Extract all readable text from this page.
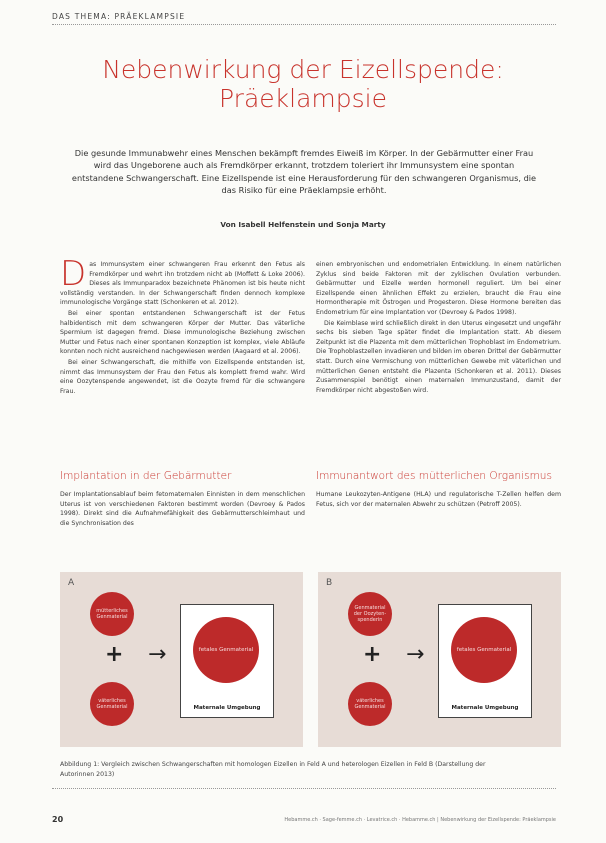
DAS THEMA: PRÄEKLAMPSIE
Nebenwirkung der Eizellspende:
Präeklampsie
Die gesunde Immunabwehr eines Menschen bekämpft fremdes Eiweiß im Körper. In der Gebärmutter einer Frau wird das Ungeborene auch als Fremdkörper erkannt, trotzdem toleriert ihr Immunsystem eine spontan entstandene Schwangerschaft. Eine Eizellspende ist eine Herausforderung für den schwangeren Organismus, die das Risiko für eine Präeklampsie erhöht.
Von Isabell Helfenstein und Sonja Marty
D as Immunsystem einer schwangeren Frau erkennt den Fetus als Fremdkörper und wehrt ihn trotzdem nicht ab (Moffett & Loke 2006). Dieses als Immunparadox bezeichnete Phänomen ist bis heute nicht vollständig verstanden. In der Schwangerschaft finden dennoch komplexe immunologische Vorgänge statt (Schonkeren et al. 2012).

Bei einer spontan entstandenen Schwangerschaft ist der Fetus halbidentisch mit dem schwangeren Körper der Mutter. Das väterliche Spermium ist dagegen fremd. Diese immunologische Beziehung zwischen Mutter und Fetus nach einer spontanen Konzeption ist komplex, viele Abläufe konnten noch nicht ausreichend nachgewiesen werden (Aagaard et al. 2006).

Bei einer Schwangerschaft, die mithilfe von Eizellspende entstanden ist, nimmt das Immunsystem der Frau den Fetus als komplett fremd wahr. Wird eine Oozytenspende angewendet, ist die Oozyte fremd für die schwangere Frau.

einen embryonischen und endometrialen Entwicklung. In einem natürlichen Zyklus sind beide Faktoren mit der zyklischen Ovulation verbunden. Gebärmutter und Eizelle werden hormonell reguliert. Um bei einer Eizellspende einen ähnlichen Effekt zu erzielen, braucht die Frau eine Hormontherapie mit Östrogen und Progesteron. Diese Hormone bereiten das Endometrium für eine Implantation vor (Devroey & Pados 1998).

Die Keimblase wird schließlich direkt in den Uterus eingesetzt und ungefähr sechs bis sieben Tage später findet die Implantation statt. Ab diesem Zeitpunkt ist die Plazenta mit dem mütterlichen Trophoblast im Endometrium. Die Trophoblastzellen invadieren und bilden im oberen Drittel der Gebärmutter statt. Durch eine Vermischung von mütterlichen Gewebe mit väterlichen und mütterlichen Genen entsteht die Plazenta (Schonkeren et al. 2011). Dieses Zusammenspiel benötigt einen maternalen Immunzustand, damit der Fremdkörper nicht abgestoßen wird.

Implantation in der Gebärmutter	Immunantwort des mütterlichen Organismus
Der Implantationsablauf beim fetomaternalen Einnisten in dem menschlichen Uterus ist von verschiedenen Faktoren bestimmt worden (Devroey & Pados 1998). Direkt sind die Aufnahmefähigkeit des Gebärmutterschleimhaut und die Synchronisation des
Humane Leukozyten-Antigene (HLA) und regulatorische T-Zellen helfen dem Fetus, sich vor der maternalen Abwehr zu schützen (Petroff 2005).
A
mütterliches Genmaterial
+ →
väterliches Genmaterial
fetales Genmaterial
Maternale Umgebung
B
Genmaterial der Oozyten-spenderin
+ →
väterliches Genmaterial
fetales Genmaterial
Maternale Umgebung
Abbildung 1: Vergleich zwischen Schwangerschaften mit homologen Eizellen in Feld A und heterologen Eizellen in Feld B (Darstellung der Autorinnen 2013)
20	Hebamme.ch · Sage-femme.ch · Levatrice.ch · Hebamme.ch | Nebenwirkung der Eizellspende: Präeklampsie
